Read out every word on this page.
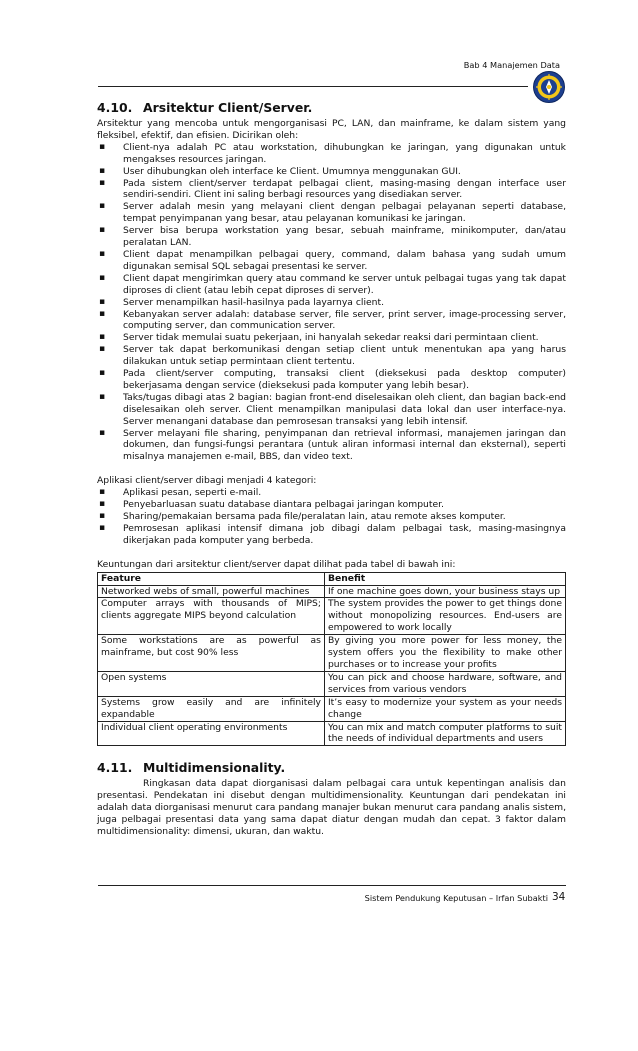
Bab 4 Manajemen Data
4.10. Arsitektur Client/Server.

Arsitektur yang mencoba untuk mengorganisasi PC, LAN, dan mainframe, ke dalam sistem yang fleksibel, efektif, dan efisien. Dicirikan oleh:

▪ Client-nya adalah PC atau workstation, dihubungkan ke jaringan, yang digunakan untuk mengakses resources jaringan.
▪ User dihubungkan oleh interface ke Client. Umumnya menggunakan GUI.
▪ Pada sistem client/server terdapat pelbagai client, masing-masing dengan interface user sendiri-sendiri. Client ini saling berbagi resources yang disediakan server.
▪ Server adalah mesin yang melayani client dengan pelbagai pelayanan seperti database, tempat penyimpanan yang besar, atau pelayanan komunikasi ke jaringan.
▪ Server bisa berupa workstation yang besar, sebuah mainframe, minikomputer, dan/atau peralatan LAN.
▪ Client dapat menampilkan pelbagai query, command, dalam bahasa yang sudah umum digunakan semisal SQL sebagai presentasi ke server.
▪ Client dapat mengirimkan query atau command ke server untuk pelbagai tugas yang tak dapat diproses di client (atau lebih cepat diproses di server).
▪ Server menampilkan hasil-hasilnya pada layarnya client.
▪ Kebanyakan server adalah: database server, file server, print server, image-processing server, computing server, dan communication server.
▪ Server tidak memulai suatu pekerjaan, ini hanyalah sekedar reaksi dari permintaan client.
▪ Server tak dapat berkomunikasi dengan setiap client untuk menentukan apa yang harus dilakukan untuk setiap permintaan client tertentu.
▪ Pada client/server computing, transaksi client (dieksekusi pada desktop computer) bekerjasama dengan service (dieksekusi pada komputer yang lebih besar).
▪ Taks/tugas dibagi atas 2 bagian: bagian front-end diselesaikan oleh client, dan bagian back-end diselesaikan oleh server. Client menampilkan manipulasi data lokal dan user interface-nya. Server menangani database dan pemrosesan transaksi yang lebih intensif.
▪ Server melayani file sharing, penyimpanan dan retrieval informasi, manajemen jaringan dan dokumen, dan fungsi-fungsi perantara (untuk aliran informasi internal dan eksternal), seperti misalnya manajemen e-mail, BBS, dan video text.

Aplikasi client/server dibagi menjadi 4 kategori:

▪ Aplikasi pesan, seperti e-mail.
▪ Penyebarluasan suatu database diantara pelbagai jaringan komputer.
▪ Sharing/pemakaian bersama pada file/peralatan lain, atau remote akses komputer.
▪ Pemrosesan aplikasi intensif dimana job dibagi dalam pelbagai task, masing-masingnya dikerjakan pada komputer yang berbeda.

Keuntungan dari arsitektur client/server dapat dilihat pada tabel di bawah ini:

Feature	Benefit
Networked webs of small, powerful machines	If one machine goes down, your business stays up
Computer arrays with thousands of MIPS; clients aggregate MIPS beyond calculation	The system provides the power to get things done without monopolizing resources. End-users are empowered to work locally
Some workstations are as powerful as mainframe, but cost 90% less	By giving you more power for less money, the system offers you the flexibility to make other purchases or to increase your profits
Open systems	You can pick and choose hardware, software, and services from various vendors
Systems grow easily and are infinitely expandable	It’s easy to modernize your system as your needs change
Individual client operating environments	You can mix and match computer platforms to suit the needs of individual departments and users
4.11. Multidimensionality.

Ringkasan data dapat diorganisasi dalam pelbagai cara untuk kepentingan analisis dan presentasi. Pendekatan ini disebut dengan multidimensionality. Keuntungan dari pendekatan ini adalah data diorganisasi menurut cara pandang manajer bukan menurut cara pandang analis sistem, juga pelbagai presentasi data yang sama dapat diatur dengan mudah dan cepat. 3 faktor dalam multidimensionality: dimensi, ukuran, dan waktu.

Sistem Pendukung Keputusan – Irfan Subakti 34
